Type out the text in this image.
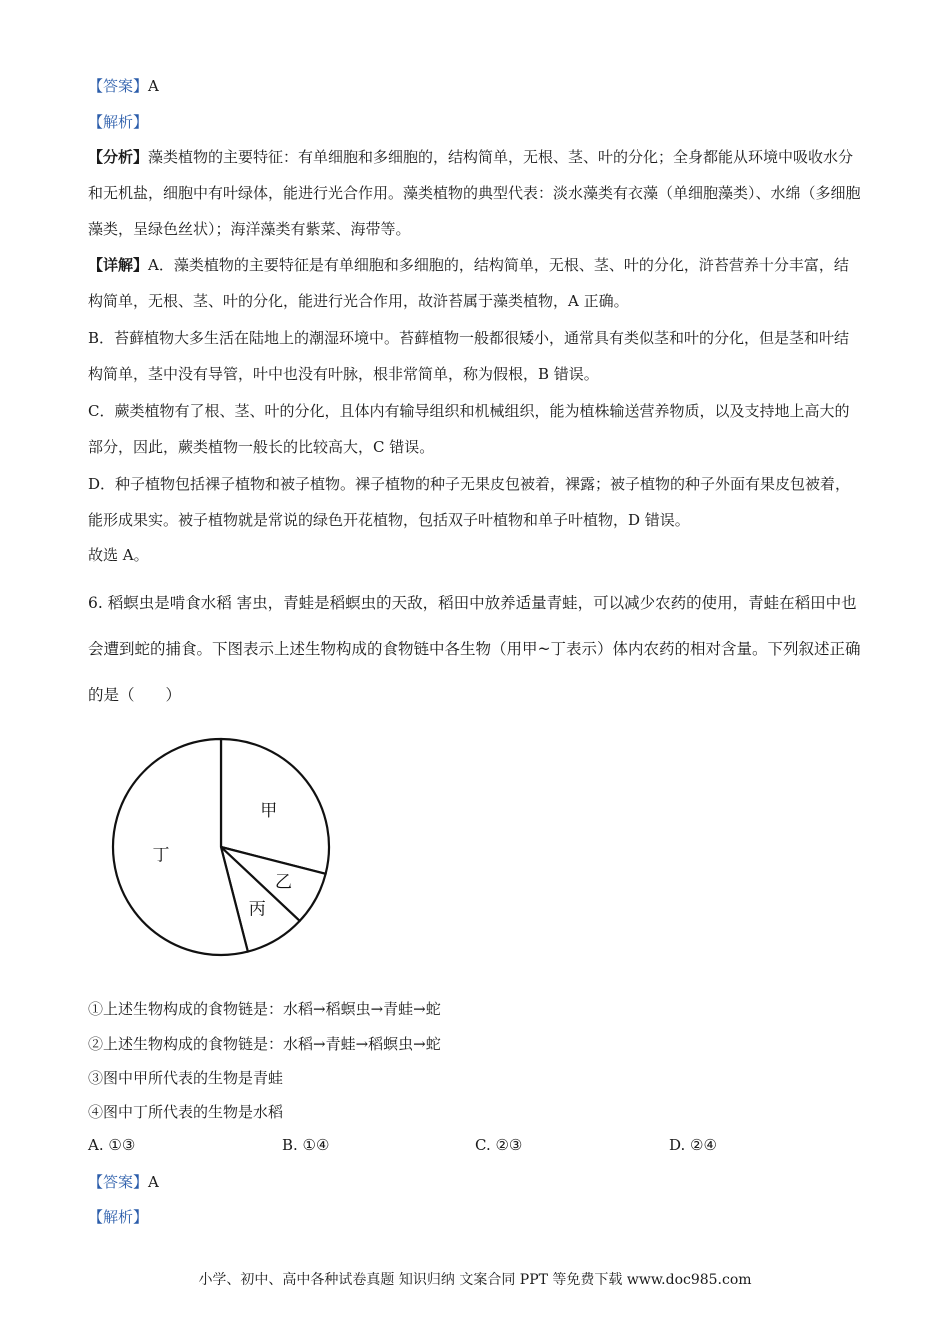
【答案】A
【解析】
【分析】藻类植物的主要特征：有单细胞和多细胞的，结构简单，无根、茎、叶的分化；全身都能从环境中吸收水分和无机盐，细胞中有叶绿体，能进行光合作用。藻类植物的典型代表：淡水藻类有衣藻（单细胞藻类）、水绵（多细胞藻类，呈绿色丝状）；海洋藻类有紫菜、海带等。
【详解】A．藻类植物的主要特征是有单细胞和多细胞的，结构简单，无根、茎、叶的分化，浒苔营养十分丰富，结构简单，无根、茎、叶的分化，能进行光合作用，故浒苔属于藻类植物，A 正确。
B．苔藓植物大多生活在陆地上的潮湿环境中。苔藓植物一般都很矮小，通常具有类似茎和叶的分化，但是茎和叶结构简单，茎中没有导管，叶中也没有叶脉，根非常简单，称为假根，B 错误。
C．蕨类植物有了根、茎、叶的分化，且体内有输导组织和机械组织，能为植株输送营养物质，以及支持地上高大的部分，因此，蕨类植物一般长的比较高大，C 错误。
D．种子植物包括裸子植物和被子植物。裸子植物的种子无果皮包被着，裸露；被子植物的种子外面有果皮包被着，能形成果实。被子植物就是常说的绿色开花植物，包括双子叶植物和单子叶植物，D 错误。
故选 A。
6. 稻螟虫是啃食水稻 害虫，青蛙是稻螟虫的天敌，稻田中放养适量青蛙，可以减少农药的使用，青蛙在稻田中也会遭到蛇的捕食。下图表示上述生物构成的食物链中各生物（用甲~丁表示）体内农药的相对含量。下列叙述正确的是（　　）
甲
乙
丙
丁
①上述生物构成的食物链是：水稻→稻螟虫→青蛙→蛇
②上述生物构成的食物链是：水稻→青蛙→稻螟虫→蛇
③图中甲所代表的生物是青蛙
④图中丁所代表的生物是水稻
A. ①③	B. ①④	C. ②③	D. ②④
【答案】A
【解析】
小学、初中、高中各种试卷真题 知识归纳 文案合同 PPT 等免费下载 www.doc985.com
